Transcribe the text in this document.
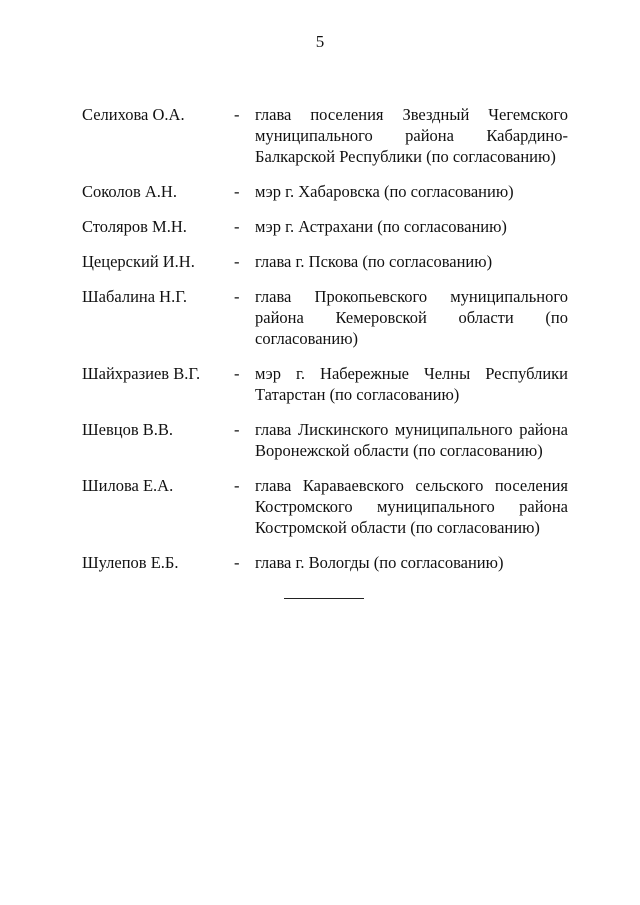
5
Селихова О.А.	- глава поселения Звездный Чегемского муниципального района Кабардино-Балкарской Республики (по согласованию)
Соколов А.Н.	- мэр г. Хабаровска (по согласованию)
Столяров М.Н.	- мэр г. Астрахани (по согласованию)
Цецерский И.Н.	- глава г. Пскова (по согласованию)
Шабалина Н.Г.	- глава Прокопьевского муниципального района Кемеровской области (по согласованию)
Шайхразиев В.Г.	- мэр г. Набережные Челны Республики Татарстан (по согласованию)
Шевцов В.В.	- глава Лискинского муниципального района Воронежской области (по согласованию)
Шилова Е.А.	- глава Караваевского сельского поселения Костромского муниципального района Костромской области (по согласованию)
Шулепов Е.Б.	- глава г. Вологды (по согласованию)
